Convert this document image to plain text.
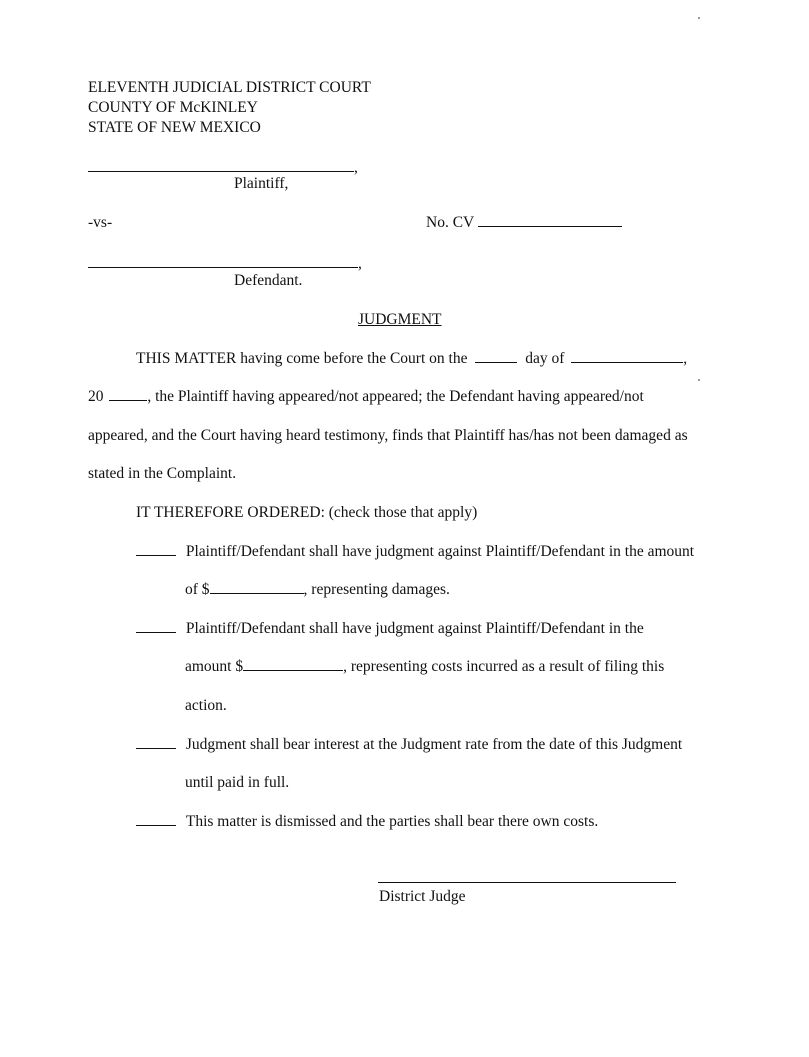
ELEVENTH JUDICIAL DISTRICT COURT
COUNTY OF McKINLEY
STATE OF NEW MEXICO
,
Plaintiff,
-vs-	No. CV
,
Defendant.
JUDGMENT
THIS MATTER having come before the Court on the	day of	,
20	, the Plaintiff having appeared/not appeared; the Defendant having appeared/not
appeared, and the Court having heard testimony, finds that Plaintiff has/has not been damaged as
stated in the Complaint.
IT THEREFORE ORDERED: (check those that apply)
Plaintiff/Defendant shall have judgment against Plaintiff/Defendant in the amount
of $	, representing damages.
Plaintiff/Defendant shall have judgment against Plaintiff/Defendant in the
amount $	, representing costs incurred as a result of filing this
action.
Judgment shall bear interest at the Judgment rate from the date of this Judgment
until paid in full.
This matter is dismissed and the parties shall bear there own costs.
District Judge
